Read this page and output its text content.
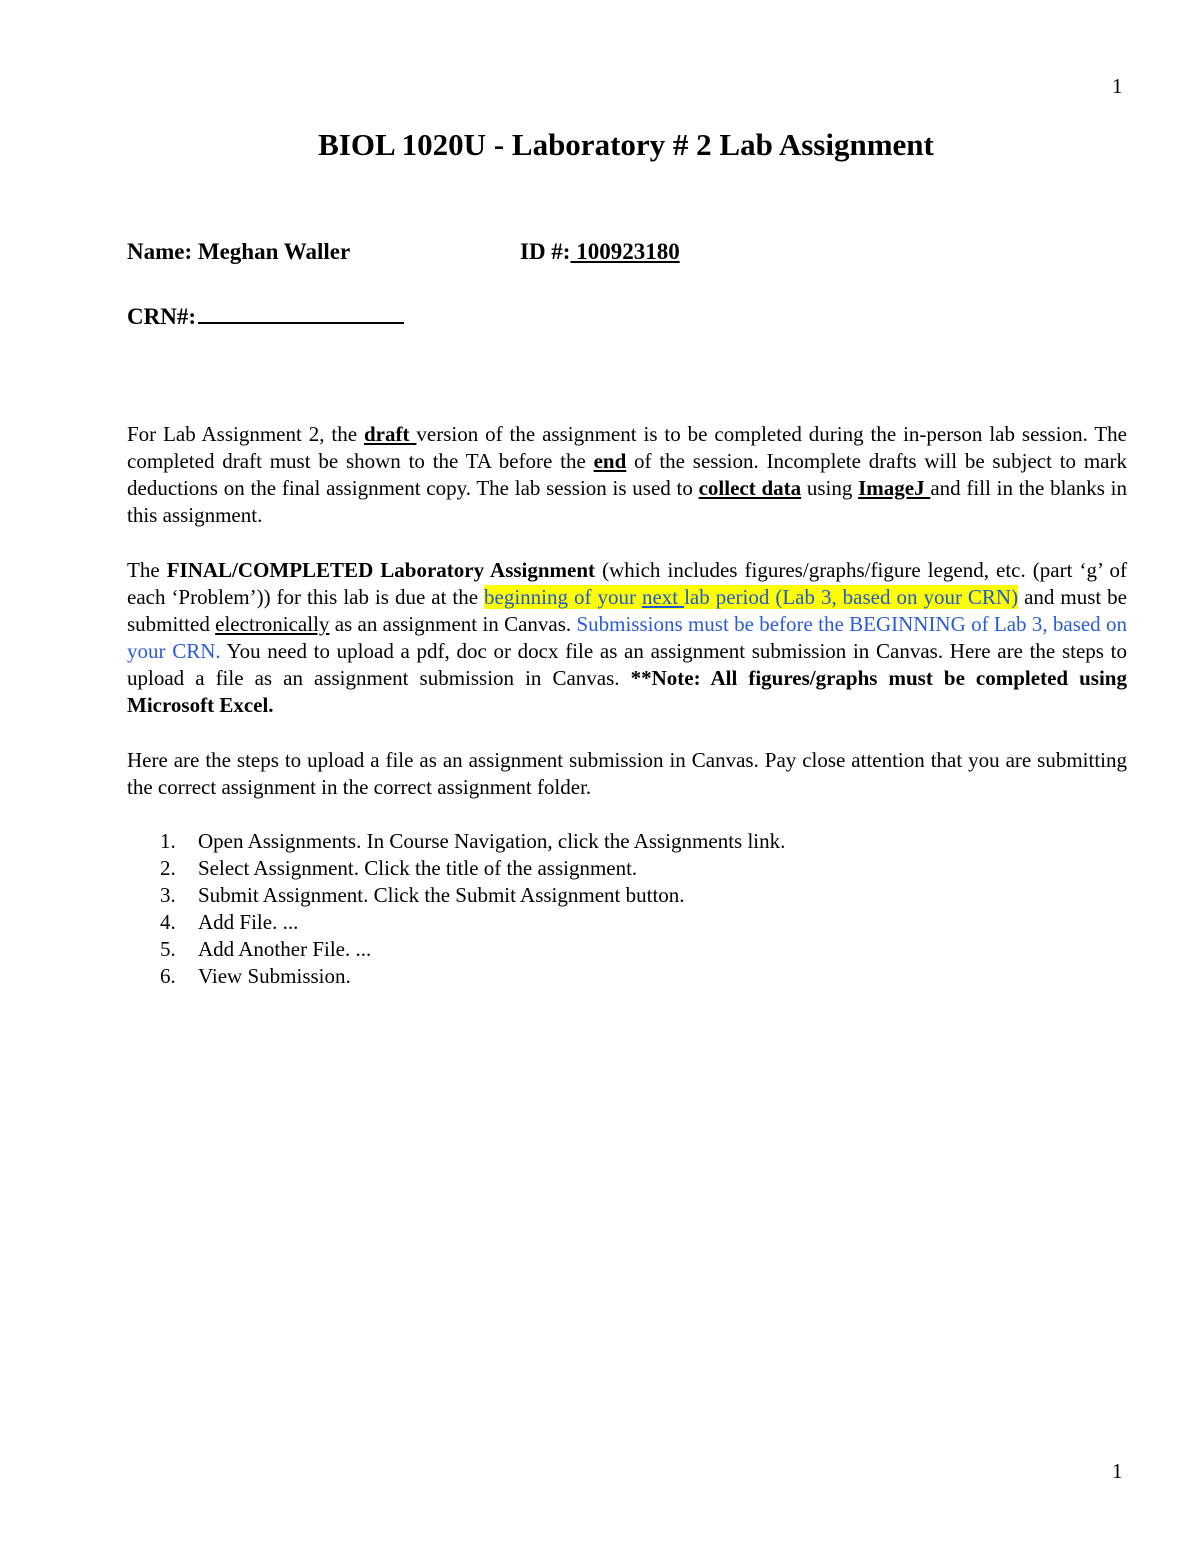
1
BIOL 1020U - Laboratory # 2 Lab Assignment
Name: Meghan Waller	ID #: 100923180
CRN#:

For Lab Assignment 2, the draft version of the assignment is to be completed during the in-person lab session. The completed draft must be shown to the TA before the end of the session. Incomplete drafts will be subject to mark deductions on the final assignment copy. The lab session is used to collect data using ImageJ and fill in the blanks in this assignment.

The FINAL/COMPLETED Laboratory Assignment (which includes figures/graphs/figure legend, etc. (part ‘g’ of each ‘Problem’)) for this lab is due at the beginning of your next lab period (Lab 3, based on your CRN) and must be submitted electronically as an assignment in Canvas. Submissions must be before the BEGINNING of Lab 3, based on your CRN. You need to upload a pdf, doc or docx file as an assignment submission in Canvas. Here are the steps to upload a file as an assignment submission in Canvas. **Note: All figures/graphs must be completed using Microsoft Excel.

Here are the steps to upload a file as an assignment submission in Canvas. Pay close attention that you are submitting the correct assignment in the correct assignment folder.

1.	Open Assignments. In Course Navigation, click the Assignments link.
2.	Select Assignment. Click the title of the assignment.
3.	Submit Assignment. Click the Submit Assignment button.
4.	Add File. ...
5.	Add Another File. ...
6.	View Submission.
1
